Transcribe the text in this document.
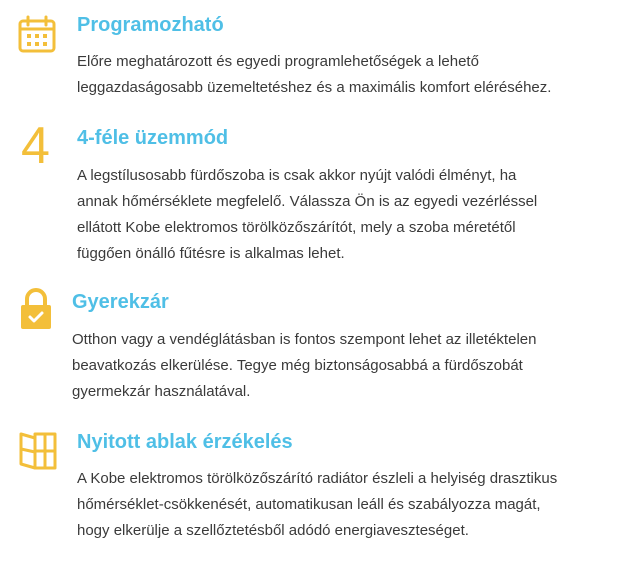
Programozható

Előre meghatározott és egyedi programlehetőségek a lehető
leggazdaságosabb üzemeltetéshez és a maximális komfort eléréséhez.

4 4-féle üzemmód

A legstílusosabb fürdőszoba is csak akkor nyújt valódi élményt, ha
annak hőmérséklete megfelelő. Válassza Ön is az egyedi vezérléssel
ellátott Kobe elektromos törölközőszárítót, mely a szoba méretétől
függően önálló fűtésre is alkalmas lehet.

Gyerekzár

Otthon vagy a vendéglátásban is fontos szempont lehet az illetéktelen
beavatkozás elkerülése. Tegye még biztonságosabbá a fürdőszobát
gyermekzár használatával.

Nyitott ablak érzékelés

A Kobe elektromos törölközőszárító radiátor észleli a helyiség drasztikus
hőmérséklet-csökkenését, automatikusan leáll és szabályozza magát,
hogy elkerülje a szellőztetésből adódó energiaveszteséget.
